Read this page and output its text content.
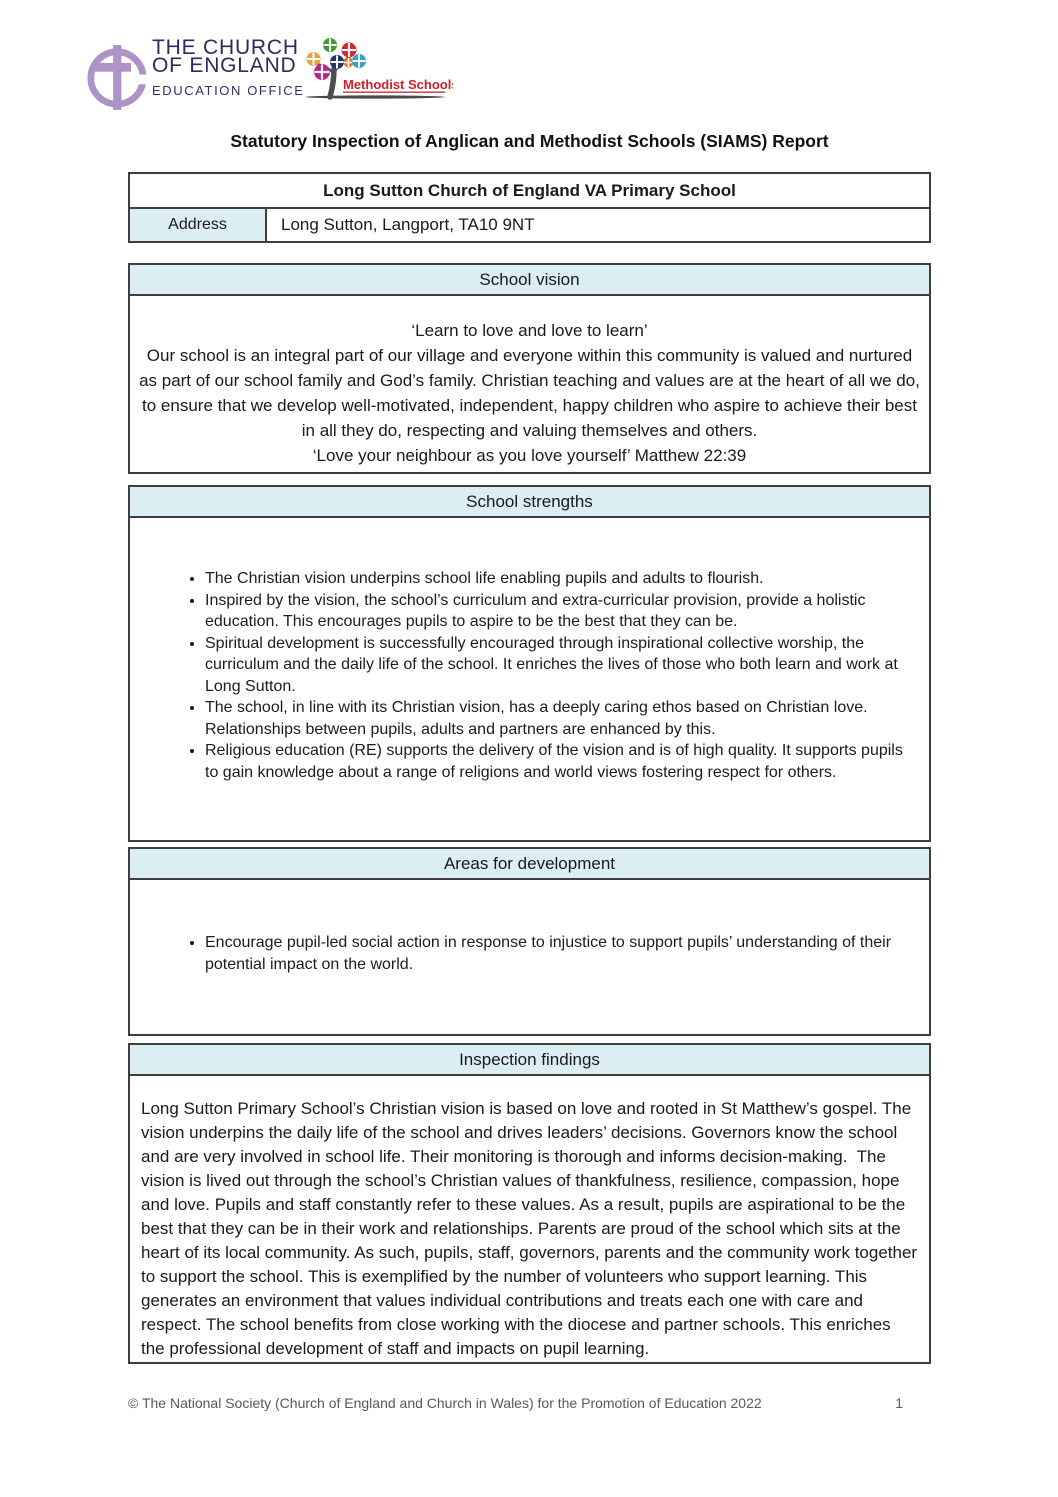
THE CHURCH
OF ENGLAND
EDUCATION OFFICE	Methodist Schools
Statutory Inspection of Anglican and Methodist Schools (SIAMS) Report
Long Sutton Church of England VA Primary School
Address	Long Sutton, Langport, TA10 9NT
School vision
‘Learn to love and love to learn’
Our school is an integral part of our village and everyone within this community is valued and nurtured as part of our school family and God’s family. Christian teaching and values are at the heart of all we do, to ensure that we develop well-motivated, independent, happy children who aspire to achieve their best in all they do, respecting and valuing themselves and others.
‘Love your neighbour as you love yourself’ Matthew 22:39
School strengths
• The Christian vision underpins school life enabling pupils and adults to flourish.
• Inspired by the vision, the school’s curriculum and extra-curricular provision, provide a holistic education. This encourages pupils to aspire to be the best that they can be.
• Spiritual development is successfully encouraged through inspirational collective worship, the curriculum and the daily life of the school. It enriches the lives of those who both learn and work at Long Sutton.
• The school, in line with its Christian vision, has a deeply caring ethos based on Christian love. Relationships between pupils, adults and partners are enhanced by this.
• Religious education (RE) supports the delivery of the vision and is of high quality. It supports pupils to gain knowledge about a range of religions and world views fostering respect for others.
Areas for development
• Encourage pupil-led social action in response to injustice to support pupils’ understanding of their potential impact on the world.
Inspection findings
Long Sutton Primary School’s Christian vision is based on love and rooted in St Matthew’s gospel. The vision underpins the daily life of the school and drives leaders’ decisions. Governors know the school and are very involved in school life. Their monitoring is thorough and informs decision-making.  The vision is lived out through the school’s Christian values of thankfulness, resilience, compassion, hope and love. Pupils and staff constantly refer to these values. As a result, pupils are aspirational to be the best that they can be in their work and relationships. Parents are proud of the school which sits at the heart of its local community. As such, pupils, staff, governors, parents and the community work together to support the school. This is exemplified by the number of volunteers who support learning. This generates an environment that values individual contributions and treats each one with care and respect. The school benefits from close working with the diocese and partner schools. This enriches the professional development of staff and impacts on pupil learning.
© The National Society (Church of England and Church in Wales) for the Promotion of Education 2022	1
